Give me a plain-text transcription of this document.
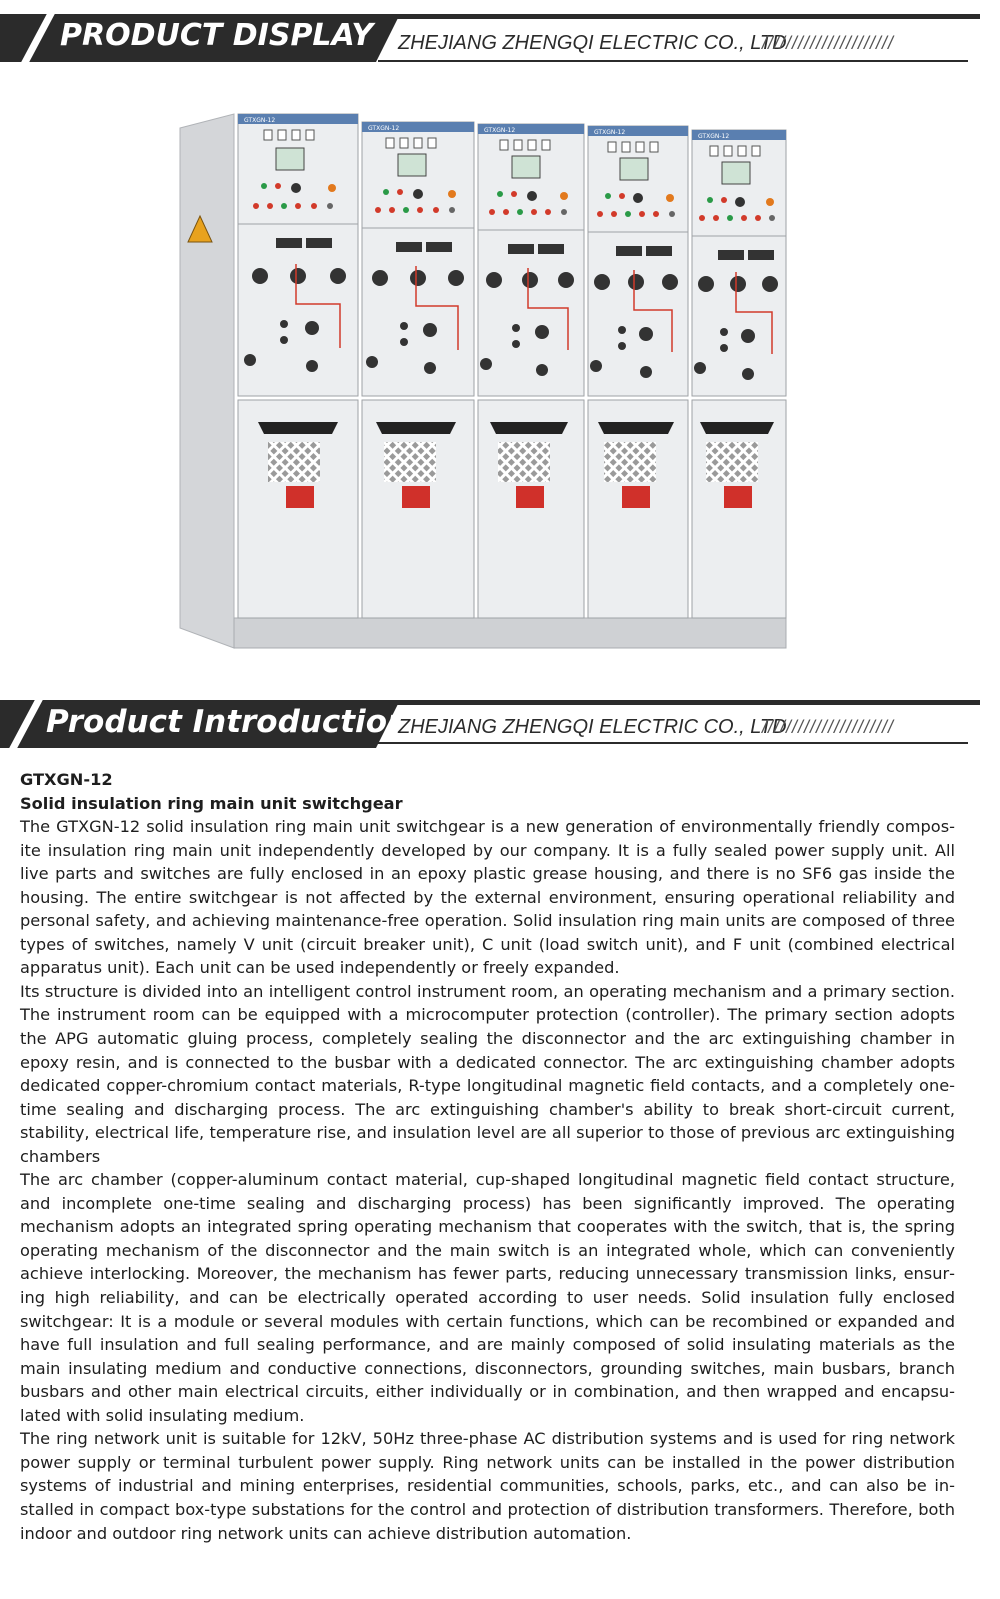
PRODUCT DISPLAY ZHEJIANG ZHENGQI ELECTRIC CO., LTD
//////////////////////
GTXGN-12
GTXGN-12	GTXGN-12	GTXGN-12
GTXGN-12
Product Introduction
ZHEJIANG ZHENGQI ELECTRIC CO., LTD
//////////////////////

GTXGN-12

Solid insulation ring main unit switchgear

The GTXGN-12 solid insulation ring main unit switchgear is a new generation of environmentally friendly composite insulation ring main unit independently developed by our company. It is a fully sealed power supply unit. All live parts and switches are fully enclosed in an epoxy plastic grease housing, and there is no SF6 gas inside the housing. The entire switchgear is not affected by the external environment, ensuring operational reliability and personal safety, and achieving maintenance-free operation. Solid insulation ring main units are composed of three types of switches, namely V unit (circuit breaker unit), C unit (load switch unit), and F unit (combined electrical apparatus unit). Each unit can be used independently or freely expanded.

Its structure is divided into an intelligent control instrument room, an operating mechanism and a primary section. The instrument room can be equipped with a microcomputer protection (controller). The primary section adopts the APG automatic gluing process, completely sealing the disconnector and the arc extinguishing chamber in epoxy resin, and is connected to the busbar with a dedicated connector. The arc extinguishing chamber adopts dedicated copper-chromium contact materials, R-type longitudinal magnetic field contacts, and a completely one-time sealing and discharging process. The arc extinguishing chamber's ability to break short-circuit current, stability, electrical life, temperature rise, and insulation level are all superior to those of previous arc extinguishing chambers

The arc chamber (copper-aluminum contact material, cup-shaped longitudinal magnetic field contact structure, and incomplete one-time sealing and discharging process) has been significantly improved. The operating mechanism adopts an integrated spring operating mechanism that cooperates with the switch, that is, the spring operating mechanism of the disconnector and the main switch is an integrated whole, which can conveniently achieve interlocking. Moreover, the mechanism has fewer parts, reducing unnecessary transmission links, ensuring high reliability, and can be electrically operated according to user needs. Solid insulation fully enclosed switchgear: It is a module or several modules with certain functions, which can be recombined or expanded and have full insulation and full sealing performance, and are mainly composed of solid insulating materials as the main insulating medium and conductive connections, disconnectors, grounding switches, main busbars, branch busbars and other main electrical circuits, either individually or in combination, and then wrapped and encapsulated with solid insulating medium.

The ring network unit is suitable for 12kV, 50Hz three-phase AC distribution systems and is used for ring network power supply or terminal turbulent power supply. Ring network units can be installed in the power distribution systems of industrial and mining enterprises, residential communities, schools, parks, etc., and can also be installed in compact box-type substations for the control and protection of distribution transformers. Therefore, both indoor and outdoor ring network units can achieve distribution automation.
